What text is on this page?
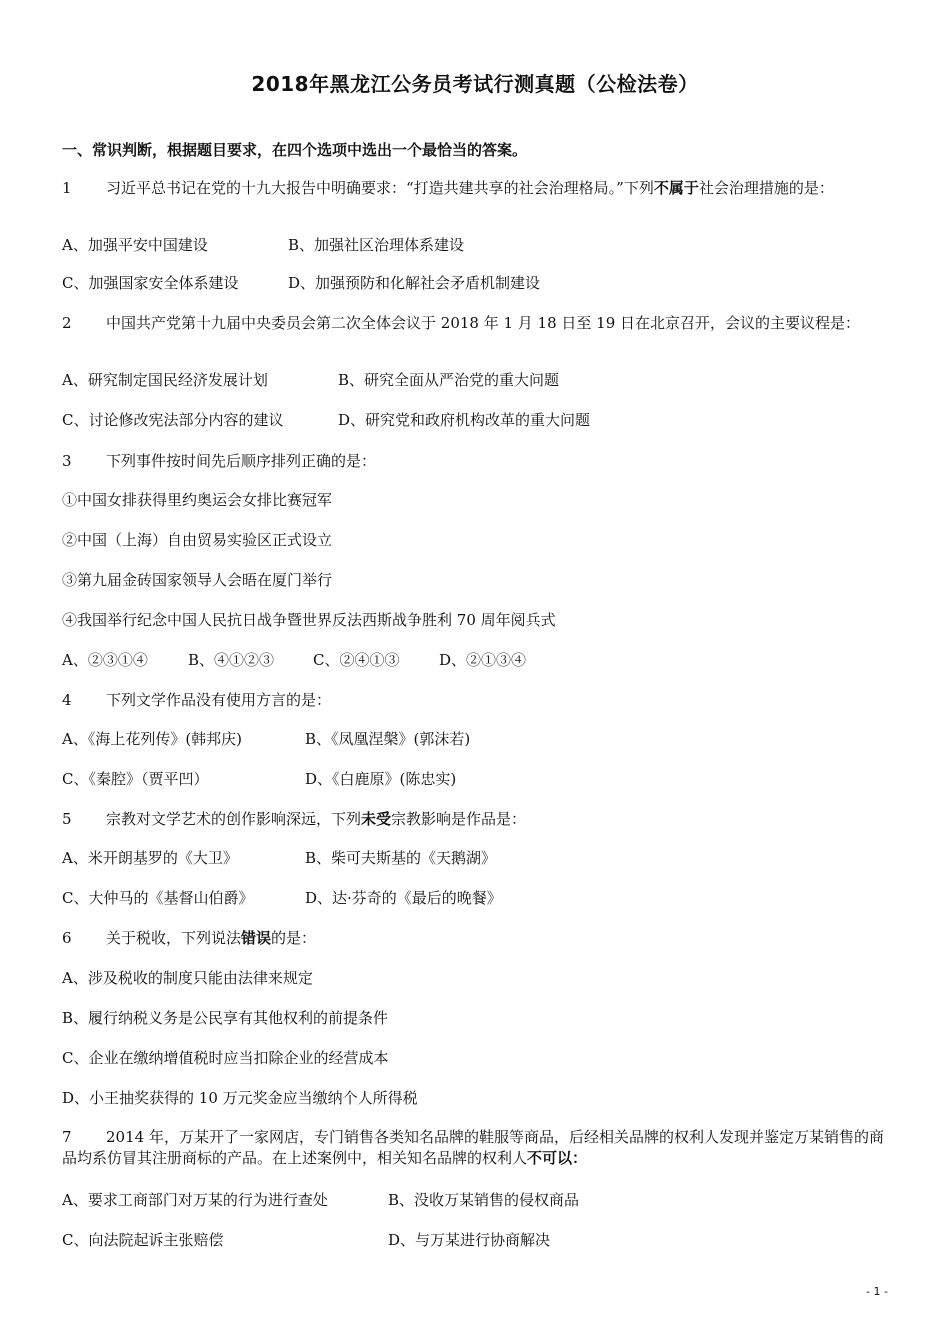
2018年黑龙江公务员考试行测真题（公检法卷）
一、常识判断，根据题目要求，在四个选项中选出一个最恰当的答案。
1 习近平总书记在党的十九大报告中明确要求：“打造共建共享的社会治理格局。”下列不属于社会治理措施的是：
A、加强平安中国建设	B、加强社区治理体系建设
C、加强国家安全体系建设	D、加强预防和化解社会矛盾机制建设
2 中国共产党第十九届中央委员会第二次全体会议于 2018 年 1 月 18 日至 19 日在北京召开，会议的主要议程是：
A、研究制定国民经济发展计划	B、研究全面从严治党的重大问题
C、讨论修改宪法部分内容的建议	D、研究党和政府机构改革的重大问题
3 下列事件按时间先后顺序排列正确的是：
①中国女排获得里约奥运会女排比赛冠军
②中国（上海）自由贸易实验区正式设立
③第九届金砖国家领导人会晤在厦门举行
④我国举行纪念中国人民抗日战争暨世界反法西斯战争胜利 70 周年阅兵式
A、②③①④	B、④①②③	C、②④①③	D、②①③④
4 下列文学作品没有使用方言的是：
A、《海上花列传》(韩邦庆)	B、《凤凰涅槃》(郭沫若)
C、《秦腔》（贾平凹）	D、《白鹿原》(陈忠实)
5 宗教对文学艺术的创作影响深远，下列未受宗教影响是作品是：
A、米开朗基罗的《大卫》	B、柴可夫斯基的《天鹅湖》
C、大仲马的《基督山伯爵》	D、达·芬奇的《最后的晚餐》
6 关于税收，下列说法错误的是：
A、涉及税收的制度只能由法律来规定
B、履行纳税义务是公民享有其他权利的前提条件
C、企业在缴纳增值税时应当扣除企业的经营成本
D、小王抽奖获得的 10 万元奖金应当缴纳个人所得税
7 2014 年，万某开了一家网店，专门销售各类知名品牌的鞋服等商品，后经相关品牌的权利人发现并鉴定万某销售的商品均系仿冒其注册商标的产品。在上述案例中，相关知名品牌的权利人不可以：
A、要求工商部门对万某的行为进行查处	B、没收万某销售的侵权商品
C、向法院起诉主张赔偿	D、与万某进行协商解决
- 1 -
